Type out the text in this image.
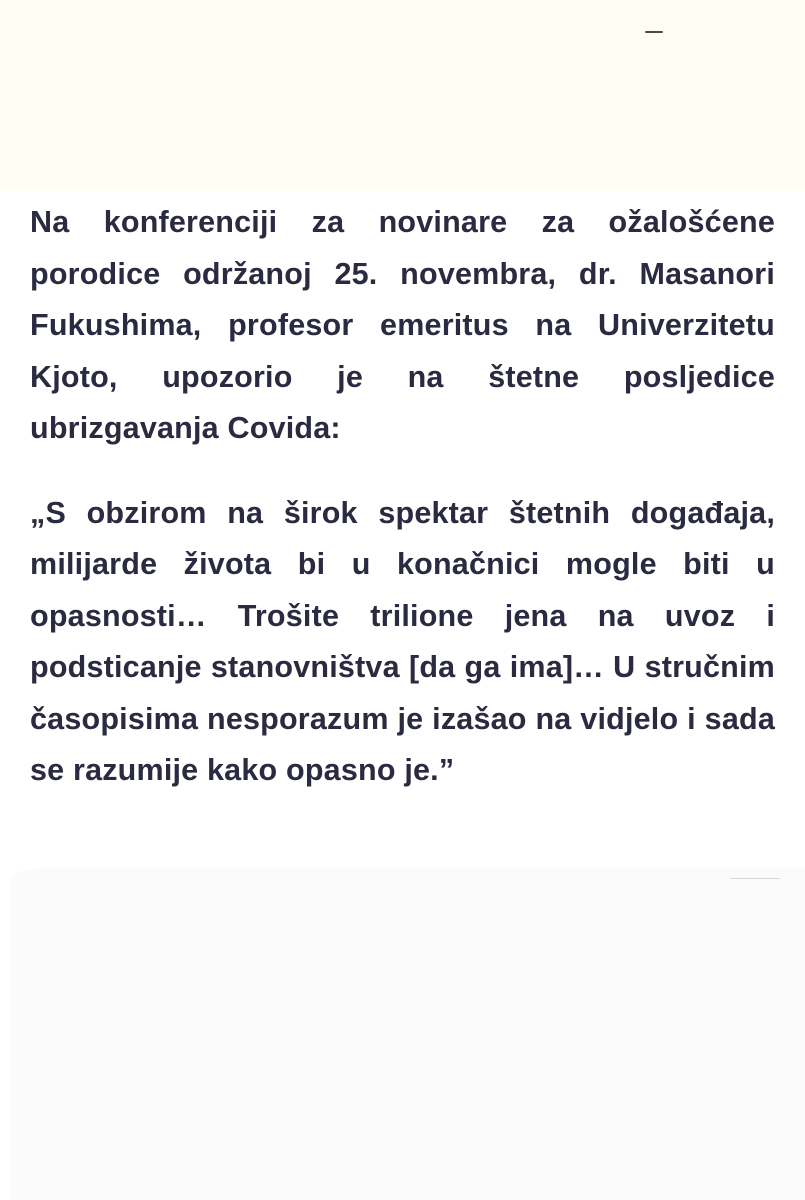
Na konferenciji za novinare za ožalošćene porodice održanoj 25. novembra, dr. Masanori Fukushima, profesor emeritus na Univerzitetu Kjoto, upozorio je na štetne posljedice ubrizgavanja Covida:

„S obzirom na širok spektar štetnih događaja, milijarde života bi u konačnici mogle biti u opasnosti… Trošite trilione jena na uvoz i podsticanje stanovništva [da ga ima]… U stručnim časopisima nesporazum je izašao na vidjelo i sada se razumije kako opasno je.”
